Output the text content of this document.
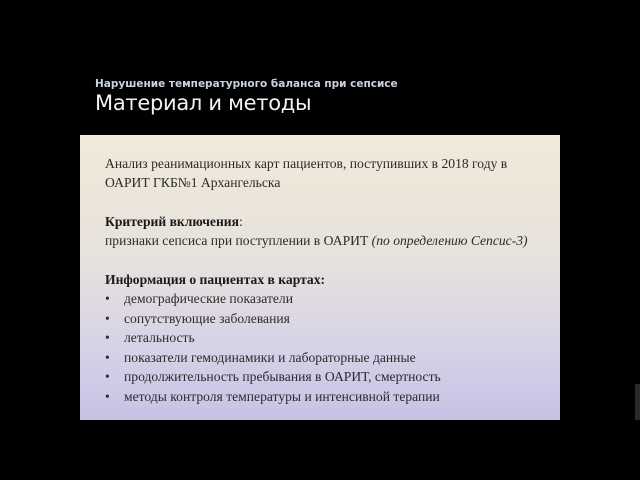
Нарушение температурного баланса при сепсисе
Материал и методы

Анализ реанимационных карт пациентов, поступивших в 2018 году в
ОАРИТ ГКБ№1 Архангельска

Критерий включения:
признаки сепсиса при поступлении в ОАРИТ (по определению Сепсис-3)

Информация о пациентах в картах:

• демографические показатели
• сопутствующие заболевания
• летальность
• показатели гемодинамики и лабораторные данные
• продолжительность пребывания в ОАРИТ, смертность
• методы контроля температуры и интенсивной терапии
